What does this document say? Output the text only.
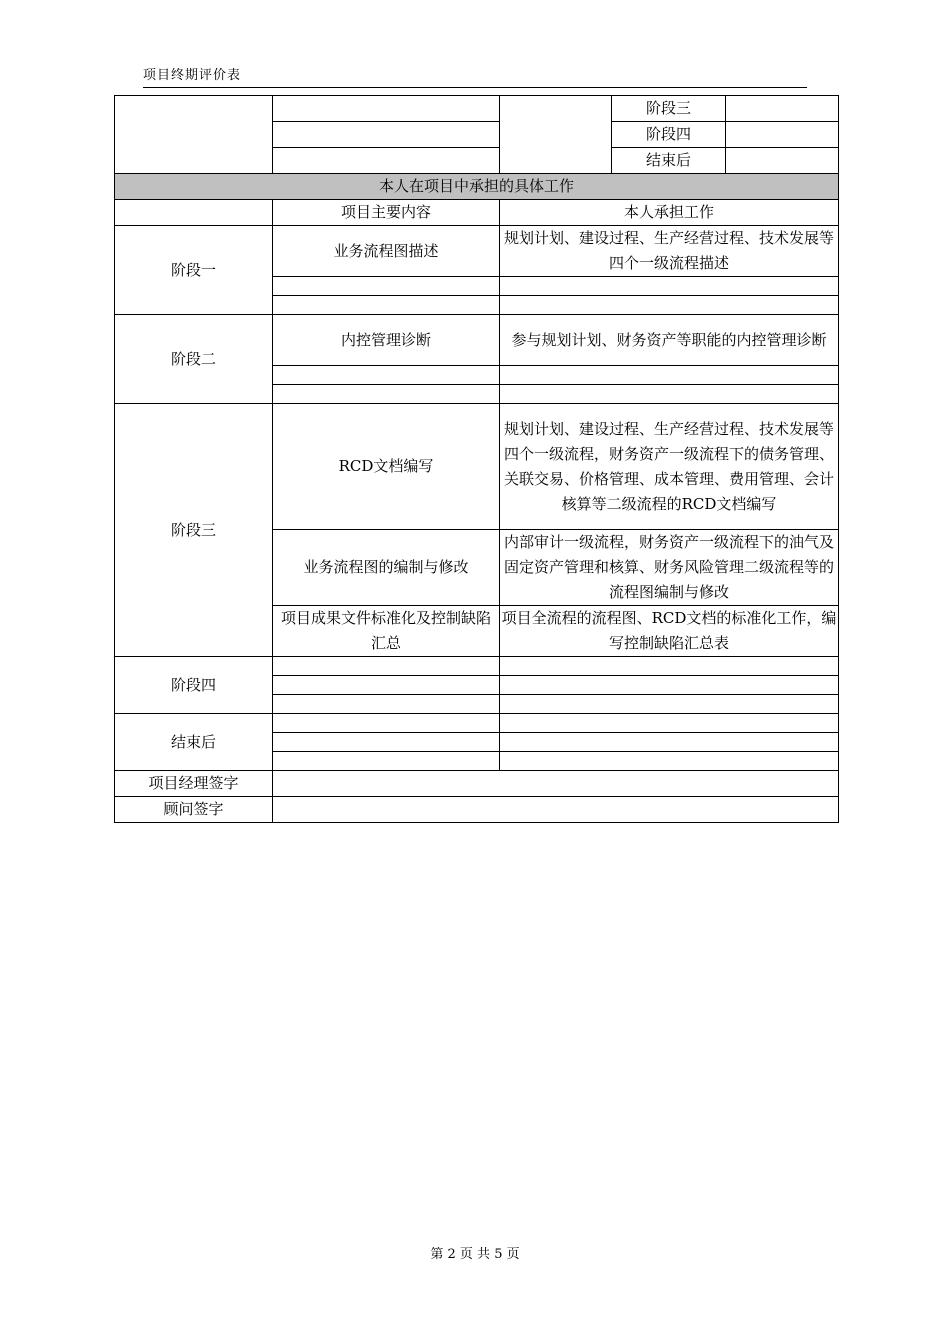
项目终期评价表
			阶段三	
			阶段四	
			结束后	
本人在项目中承担的具体工作				
	项目主要内容	本人承担工作		
阶段一	业务流程图描述	规划计划、建设过程、生产经营过程、技术发展等四个一级流程描述		

阶段二	内控管理诊断	参与规划计划、财务资产等职能的内控管理诊断		

阶段三	RCD文档编写	规划计划、建设过程、生产经营过程、技术发展等四个一级流程，财务资产一级流程下的债务管理、关联交易、价格管理、成本管理、费用管理、会计核算等二级流程的RCD文档编写		
	业务流程图的编制与修改	内部审计一级流程，财务资产一级流程下的油气及固定资产管理和核算、财务风险管理二级流程等的流程图编制与修改		
	项目成果文件标准化及控制缺陷汇总	项目全流程的流程图、RCD文档的标准化工作，编写控制缺陷汇总表		
阶段四				

结束后				

项目经理签字				
顾问签字				
第 2 页 共 5 页
